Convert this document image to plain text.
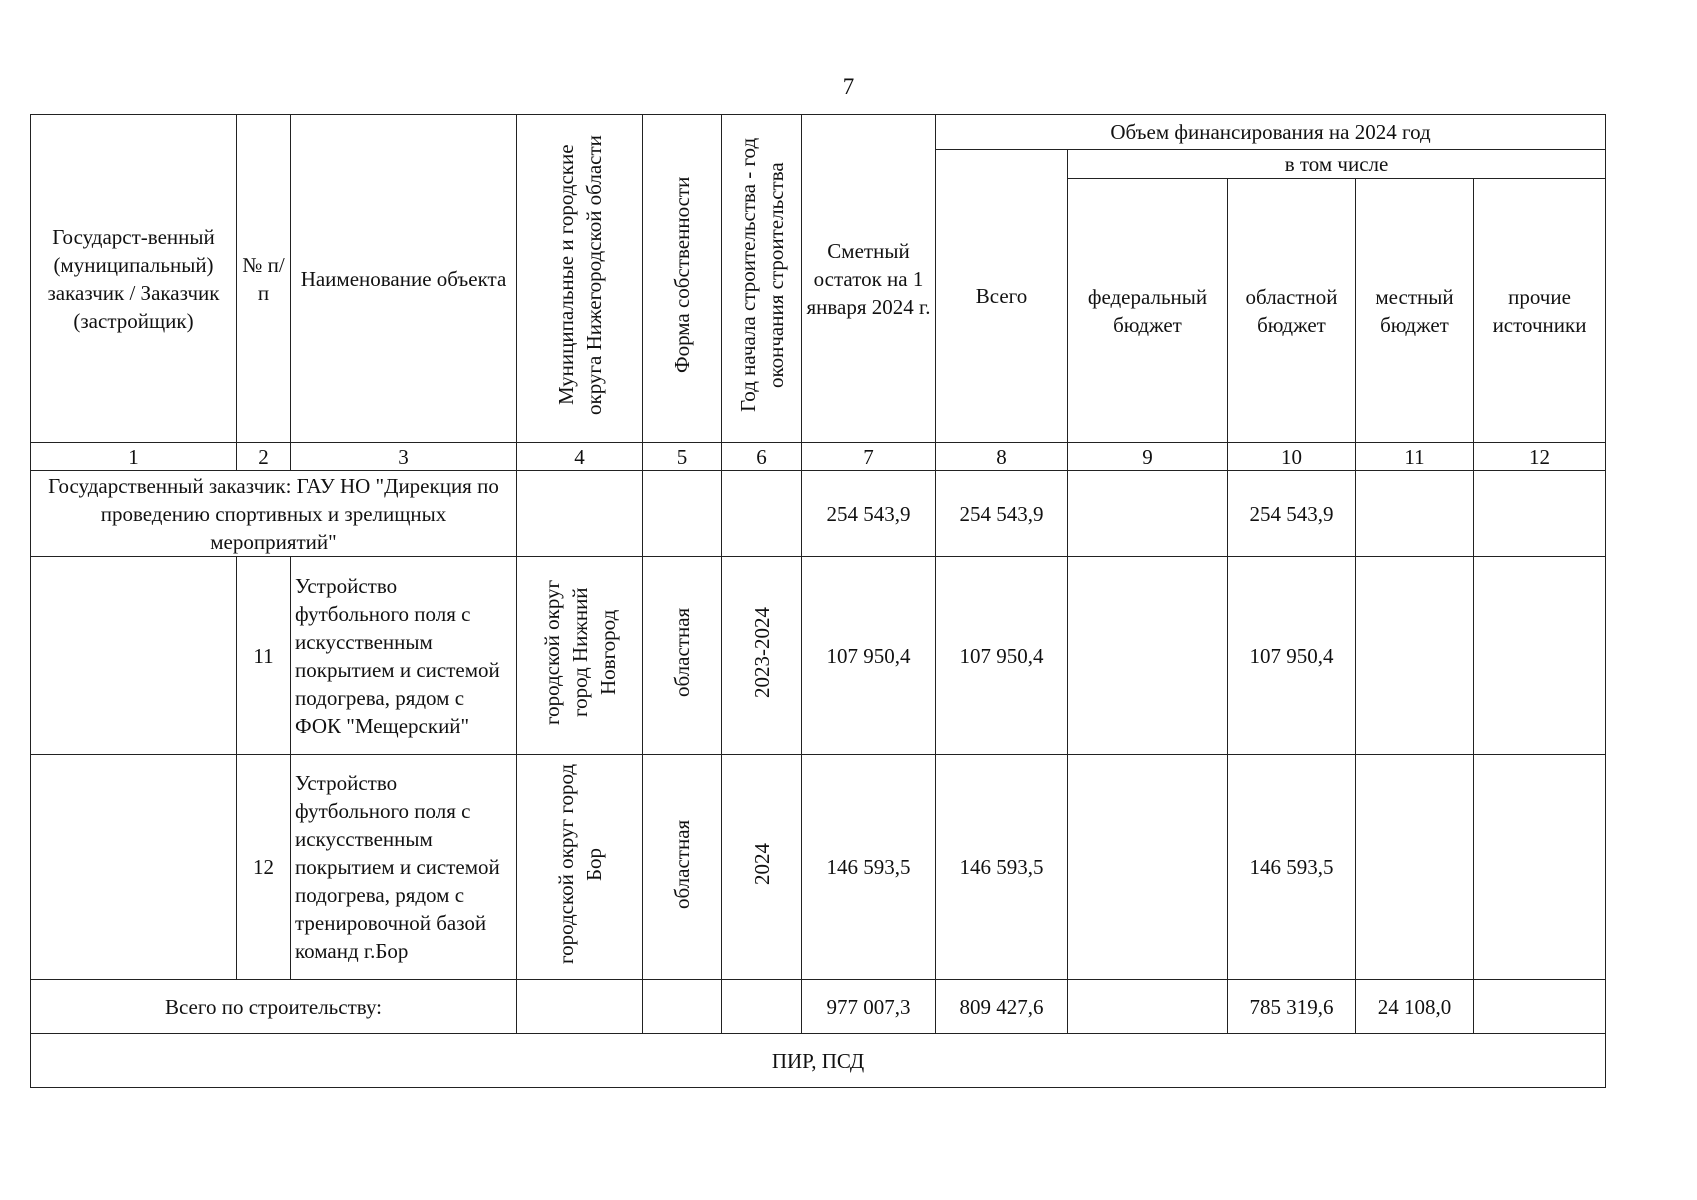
7
Государст-венный (муниципальный) заказчик / Заказчик (застройщик)	№ п/п	Наименование объекта	Муниципальные и городские округа Нижегородской области	Форма собственности	Год начала строительства - год окончания строительства	Сметный остаток на 1 января 2024 г.	Объем финансирования на 2024 год				
							Всего	в том числе			
								федеральный бюджет	областной бюджет	местный бюджет	прочие источники
1	2	3	4	5	6	7	8	9	10	11	12
Государственный заказчик: ГАУ НО "Дирекция по проведению спортивных и зрелищных мероприятий"						254 543,9	254 543,9		254 543,9		
	11	Устройство футбольного поля с искусственным покрытием и системой подогрева, рядом с ФОК "Мещерский"	городской округ город Нижний Новгород	областная	2023-2024	107 950,4	107 950,4		107 950,4		
	12	Устройство футбольного поля с искусственным покрытием и системой подогрева, рядом с тренировочной базой команд г.Бор	городской округ город Бор	областная	2024	146 593,5	146 593,5		146 593,5		
Всего по строительству:						977 007,3	809 427,6		785 319,6	24 108,0	
ПИР, ПСД											
